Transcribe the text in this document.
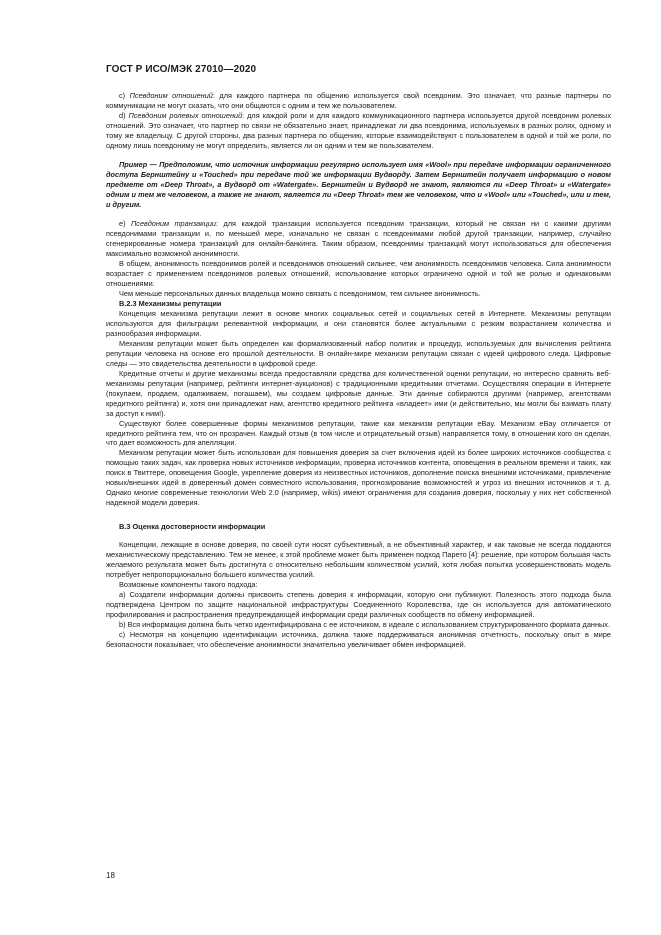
ГОСТ Р ИСО/МЭК 27010—2020

с) Псевдоним отношений: для каждого партнера по общению используется свой псевдоним. Это означает, что разные партнеры по коммуникации не могут сказать, что они общаются с одним и тем же пользователем.

d) Псевдоним ролевых отношений: для каждой роли и для каждого коммуникационного партнера используется другой псевдоним ролевых отношений. Это означает, что партнер по связи не обязательно знает, принадлежат ли два псевдонима, используемых в разных ролях, одному и тому же владельцу. С другой стороны, два разных партнера по общению, которые взаимодействуют с пользователем в одной и той же роли, по одному лишь псевдониму не могут определить, является ли он одним и тем же пользователем.

Пример — Предположим, что источник информации регулярно использует имя «Wool» при передаче информации ограниченного доступа Бернштейну и «Touched» при передаче той же информации Вудворду. Затем Бернштейн получает информацию о новом предмете от «Deep Throat», а Вудворд от «Watergate». Бернштейн и Вудворд не знают, являются ли «Deep Throat» и «Watergate» одним и тем же человеком, а также не знают, является ли «Deep Throat» тем же человеком, что и «Wool» или «Touched», или и тем, и другим.

е) Псевдоним транзакции: для каждой транзакции используется псевдоним транзакции, который не связан ни с какими другими псевдонимами транзакции и, по меньшей мере, изначально не связан с псевдонимами любой другой транзакции, например, случайно сгенерированные номера транзакций для онлайн-банкинга. Таким образом, псевдонимы транзакций могут использоваться для обеспечения максимально возможной анонимности.

В общем, анонимность псевдонимов ролей и псевдонимов отношений сильнее, чем анонимность псевдонимов человека. Сила анонимности возрастает с применением псевдонимов ролевых отношений, использование которых ограничено одной и той же ролью и одинаковыми отношениями.

Чем меньше персональных данных владельца можно связать с псевдонимом, тем сильнее анонимность.

B.2.3 Механизмы репутации

Концепция механизма репутации лежит в основе многих социальных сетей и социальных сетей в Интернете. Механизмы репутации используются для фильтрации релевантной информации, и они становятся более актуальными с резким возрастанием количества и разнообразия информации.

Механизм репутации может быть определен как формализованный набор политик и процедур, используемых для вычисления рейтинга репутации человека на основе его прошлой деятельности. В онлайн-мире механизм репутации связан с идеей цифрового следа. Цифровые следы — это свидетельства деятельности в цифровой среде.

Кредитные отчеты и другие механизмы всегда предоставляли средства для количественной оценки репутации, но интересно сравнить веб-механизмы репутации (например, рейтинги интернет-аукционов) с традиционными кредитными отчетами. Осуществляя операции в Интернете (покупаем, продаем, одалживаем, погашаем), мы создаем цифровые данные. Эти данные собираются другими (например, агентствами кредитного рейтинга) и, хотя они принадлежат нам, агентство кредитного рейтинга «владеет» ими (и действительно, мы могли бы взимать плату за доступ к ним!).

Существуют более совершенные формы механизмов репутации, такие как механизм репутации eBay. Механизм eBay отличается от кредитного рейтинга тем, что он прозрачен. Каждый отзыв (в том числе и отрицательный отзыв) направляется тому, в отношении кого он сделан, что дает возможность для апелляции.

Механизм репутации может быть использован для повышения доверия за счет включения идей из более широких источников сообщества с помощью таких задач, как проверка новых источников информации, проверка источников контента, оповещения в реальном времени и таких, как поиск в Твиттере, оповещения Google, укрепление доверия из неизвестных источников, дополнение поиска внешними источниками, привлечение новых/внешних идей в доверенный домен совместного использования, прогнозирование возможностей и угроз из внешних источников и т. д. Однако многие современные технологии Web 2.0 (например, wikis) имеют ограничения для создания доверия, поскольку у них нет собственной надежной модели доверия.

B.3 Оценка достоверности информации

Концепции, лежащие в основе доверия, по своей сути носят субъективный, а не объективный характер, и как таковые не всегда поддаются механистическому представлению. Тем не менее, к этой проблеме может быть применен подход Парето [4]: решение, при котором большая часть желаемого результата может быть достигнута с относительно небольшим количеством усилий, хотя любая попытка усовершенствовать модель потребует непропорционально большего количества усилий.

Возможные компоненты такого подхода:

a) Создатели информации должны присвоить степень доверия к информации, которую они публикуют. Полезность этого подхода была подтверждена Центром по защите национальной инфраструктуры Соединенного Королевства, где он используется для автоматического профилирования и распространения предупреждающей информации среди различных сообществ по обмену информацией.

b) Вся информация должна быть четко идентифицирована с ее источником, в идеале с использованием структурированного формата данных.

c) Несмотря на концепцию идентификации источника, должна также поддерживаться анонимная отчетность, поскольку опыт в мире безопасности показывает, что обеспечение анонимности значительно увеличивает обмен информацией.

18
